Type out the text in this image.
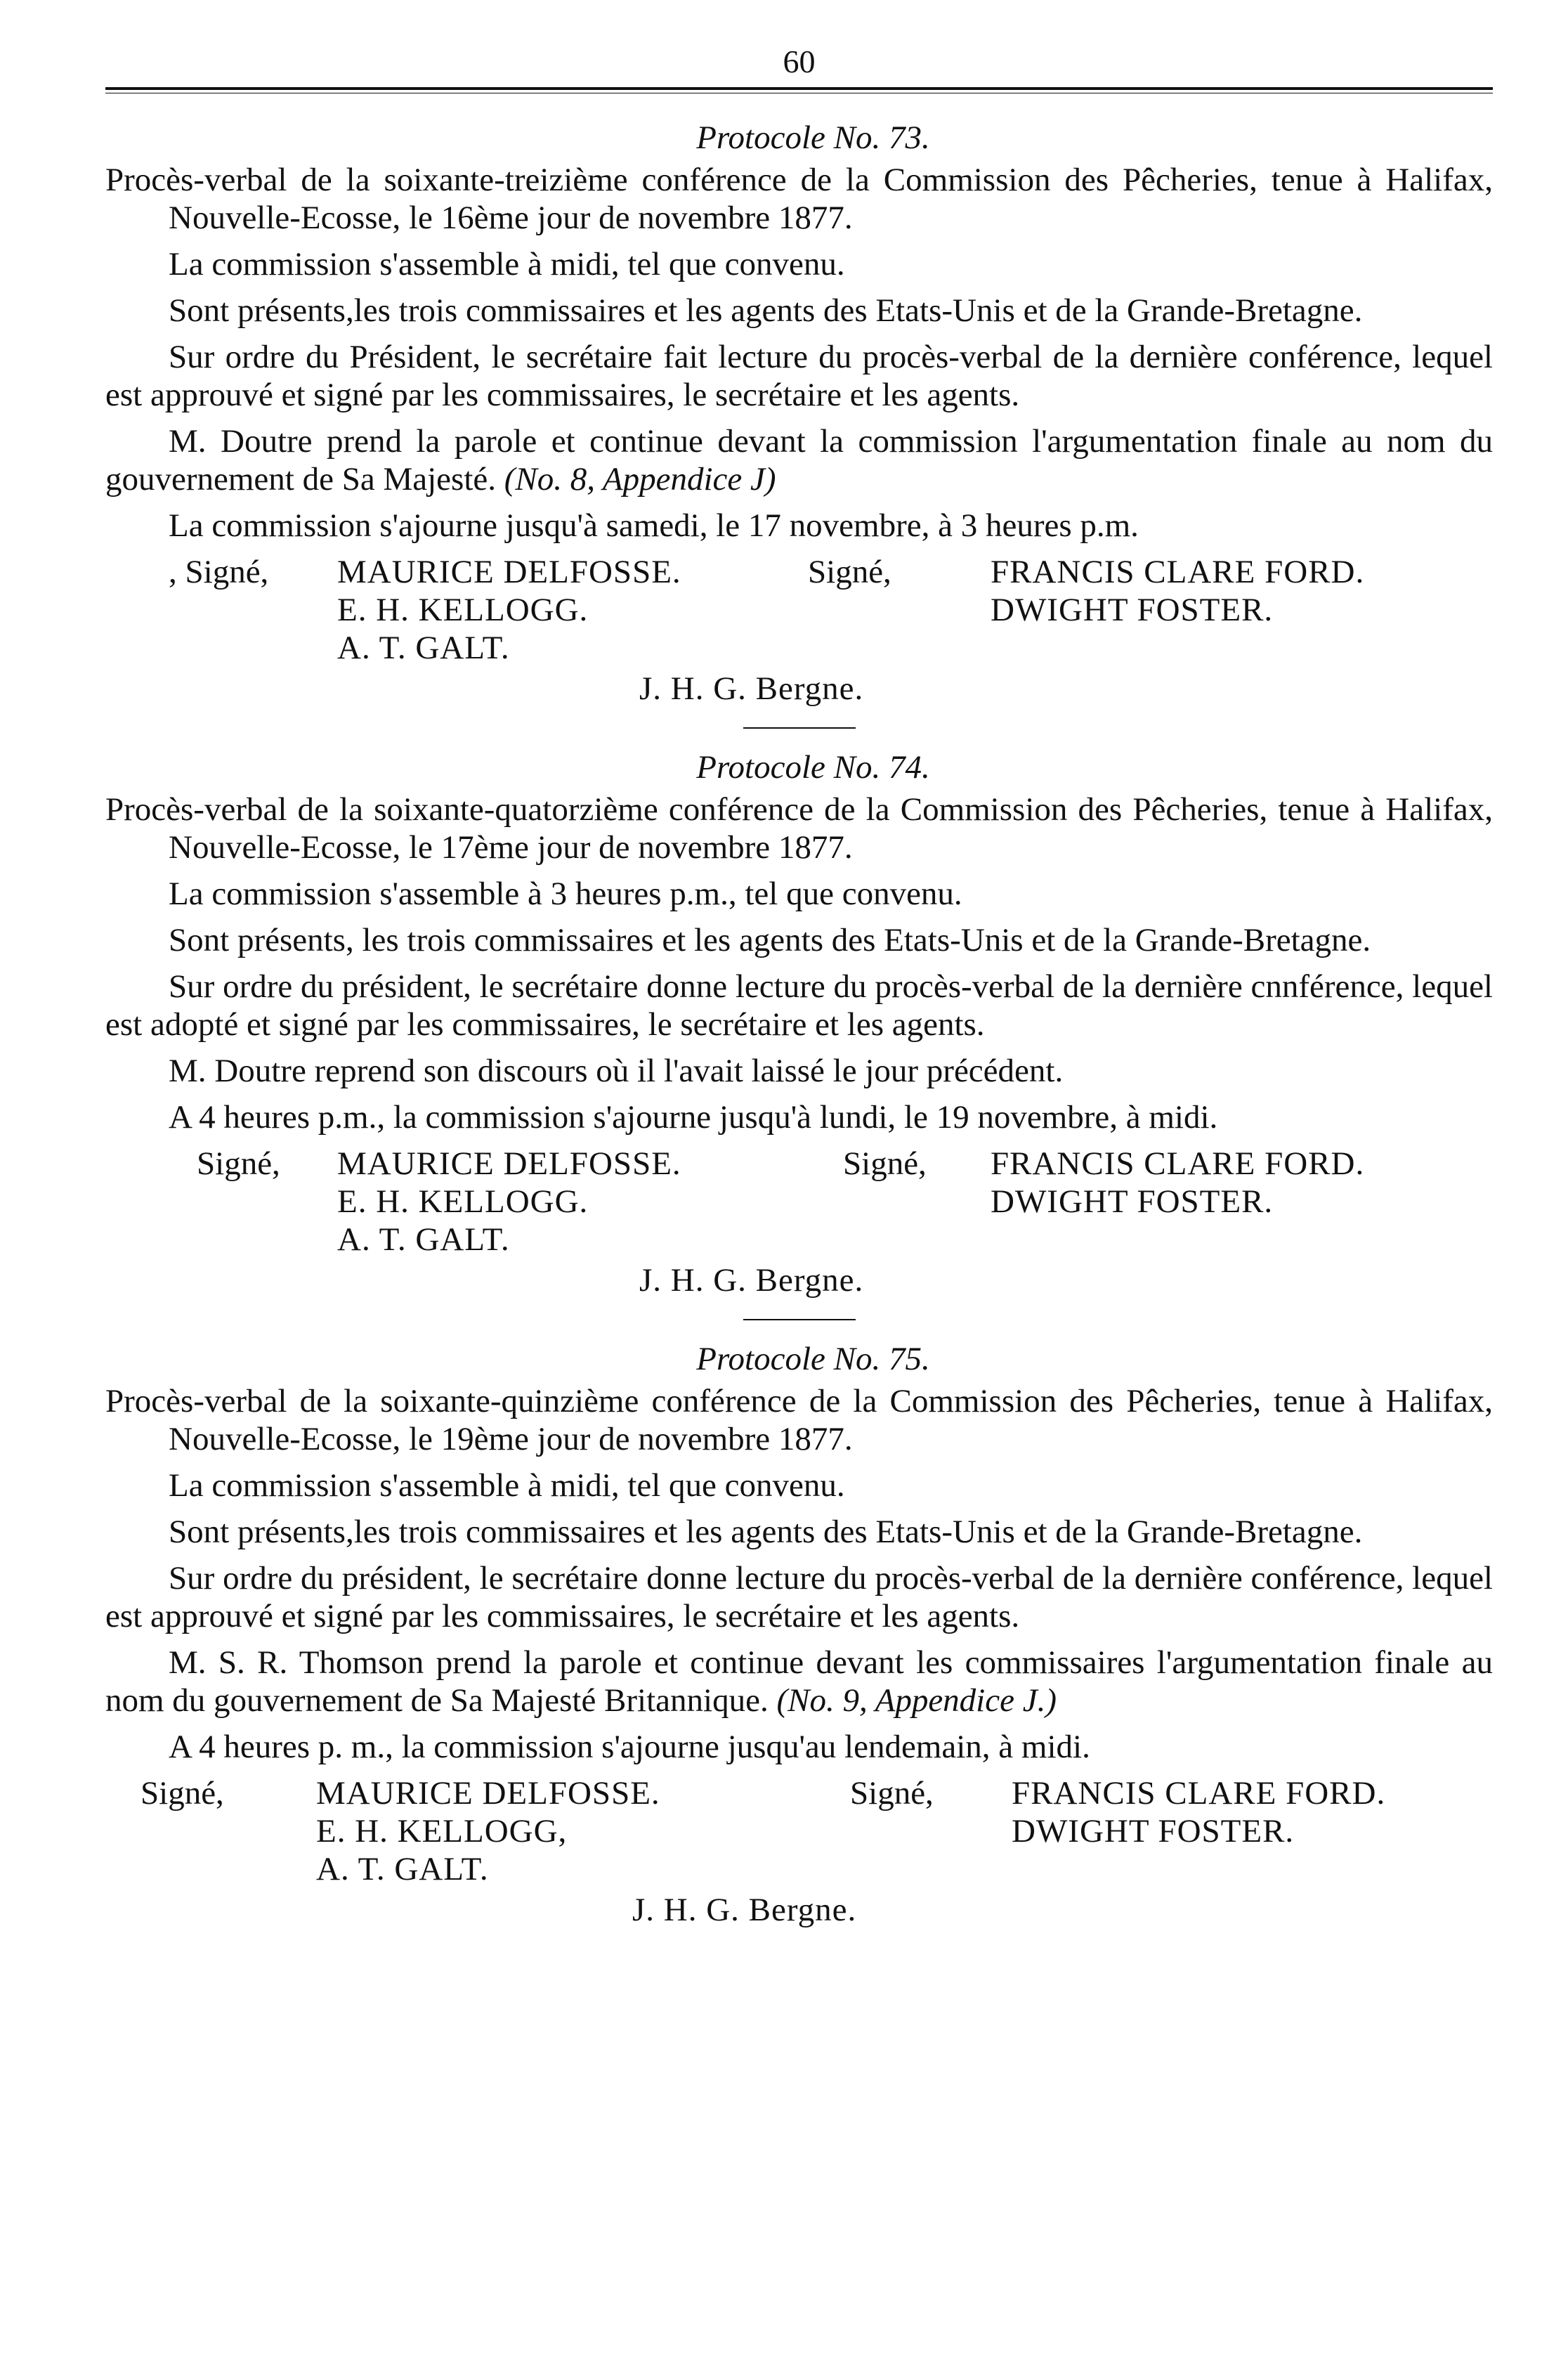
60
Protocole No. 73.

Procès-verbal de la soixante-treizième conférence de la Commission des Pêcheries, tenue à Halifax, Nouvelle-Ecosse, le 16ème jour de novembre 1877.

La commission s'assemble à midi, tel que convenu.

Sont présents,les trois commissaires et les agents des Etats-Unis et de la Grande-Bretagne.

Sur ordre du Président, le secrétaire fait lecture du procès-verbal de la dernière conférence, lequel est approuvé et signé par les commissaires, le secrétaire et les agents.

M. Doutre prend la parole et continue devant la commission l'argumentation finale au nom du gouvernement de Sa Majesté. (No. 8, Appendice J)

La commission s'ajourne jusqu'à samedi, le 17 novembre, à 3 heures p.m.

, Signé, MAURICE DELFOSSE.
E. H. KELLOGG.
A. T. GALT.
Signé,	FRANCIS CLARE FORD.
DWIGHT FOSTER.
J. H. G. Bergne.
Protocole No. 74.

Procès-verbal de la soixante-quatorzième conférence de la Commission des Pêcheries, tenue à Halifax, Nouvelle-Ecosse, le 17ème jour de novembre 1877.

La commission s'assemble à 3 heures p.m., tel que convenu.

Sont présents, les trois commissaires et les agents des Etats-Unis et de la Grande-Bretagne.

Sur ordre du président, le secrétaire donne lecture du procès-verbal de la dernière cnnférence, lequel est adopté et signé par les commissaires, le secrétaire et les agents.

M. Doutre reprend son discours où il l'avait laissé le jour précédent.

A 4 heures p.m., la commission s'ajourne jusqu'à lundi, le 19 novembre, à midi.

Signé, MAURICE DELFOSSE.
E. H. KELLOGG.
A. T. GALT.
Signé, FRANCIS CLARE FORD.
DWIGHT FOSTER.
J. H. G. Bergne.
Protocole No. 75.

Procès-verbal de la soixante-quinzième conférence de la Commission des Pêcheries, tenue à Halifax, Nouvelle-Ecosse, le 19ème jour de novembre 1877.

La commission s'assemble à midi, tel que convenu.

Sont présents,les trois commissaires et les agents des Etats-Unis et de la Grande-Bretagne.

Sur ordre du président, le secrétaire donne lecture du procès-verbal de la dernière conférence, lequel est approuvé et signé par les commissaires, le secrétaire et les agents.

M. S. R. Thomson prend la parole et continue devant les commissaires l'argumentation finale au nom du gouvernement de Sa Majesté Britannique. (No. 9, Appendice J.)

A 4 heures p. m., la commission s'ajourne jusqu'au lendemain, à midi.

Signé,	MAURICE DELFOSSE.
E. H. KELLOGG,
A. T. GALT.
Signé, FRANCIS CLARE FORD.
DWIGHT FOSTER.
J. H. G. Bergne.
